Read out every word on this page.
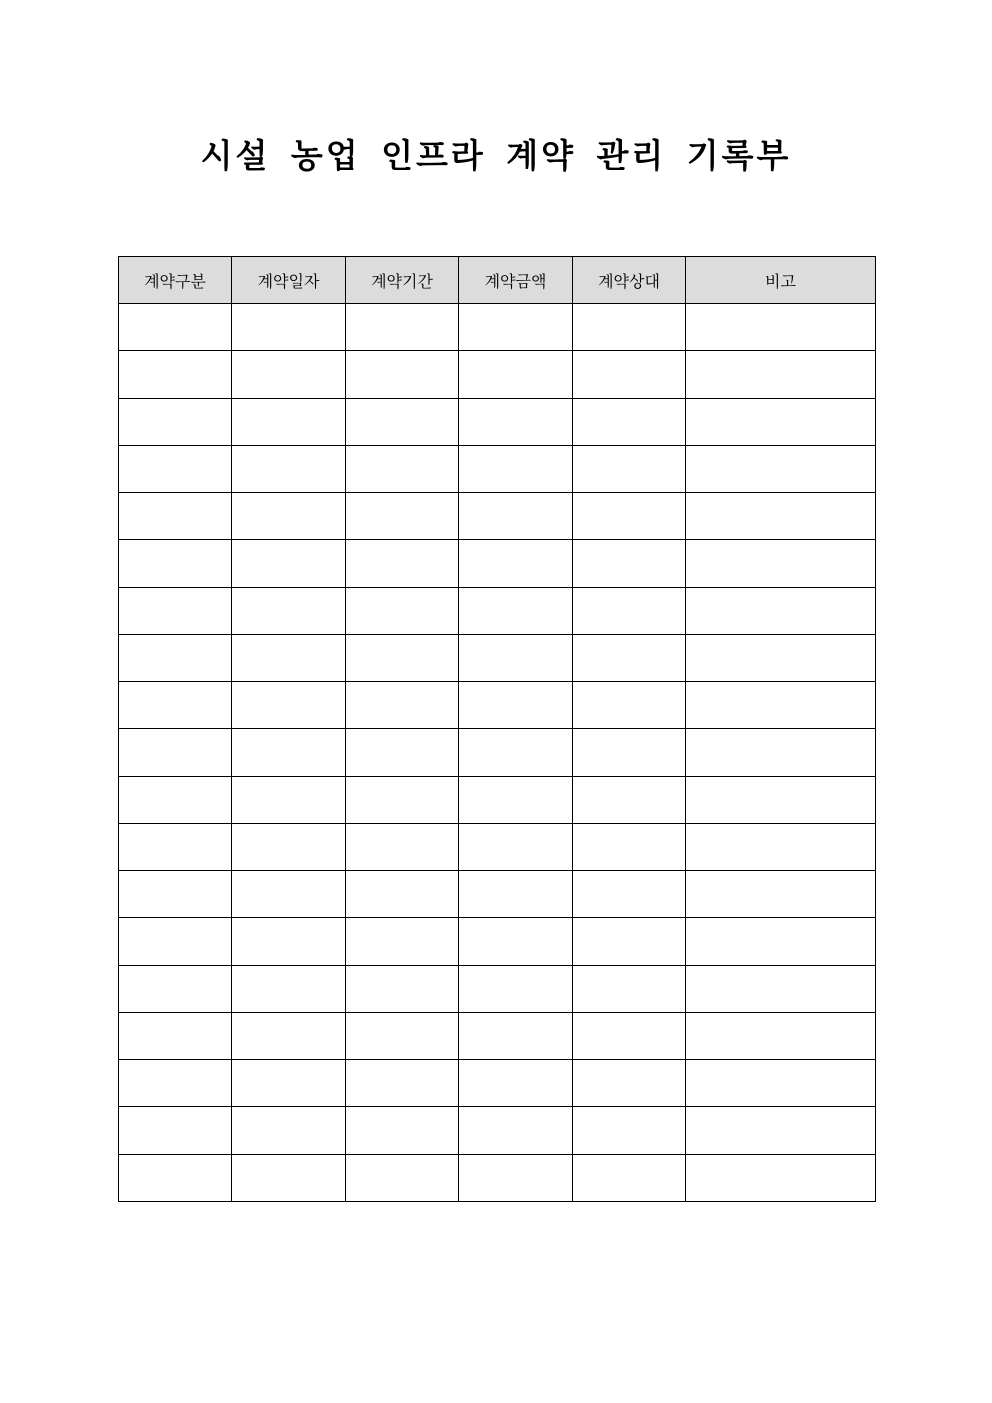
시설 농업 인프라 계약 관리 기록부
계약구분	계약일자	계약기간	계약금액	계약상대	비고
